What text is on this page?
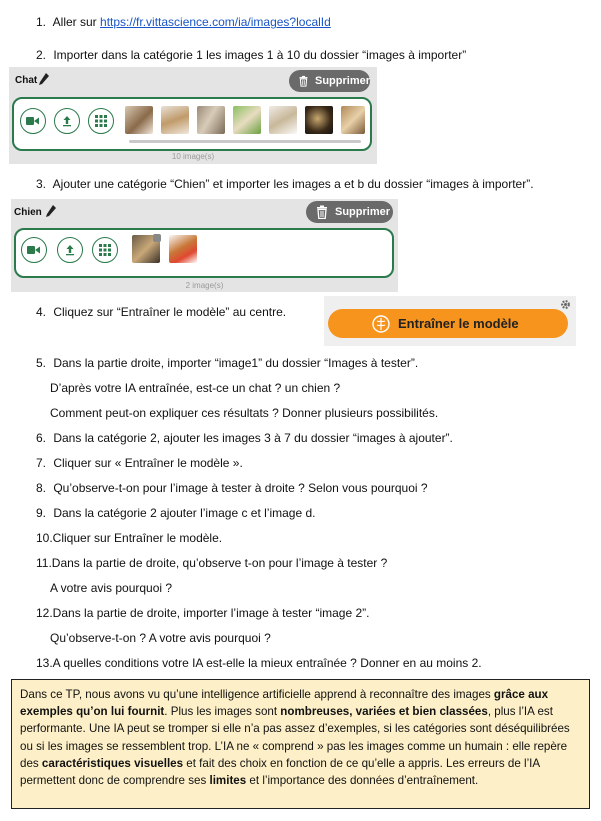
1. Aller sur https://fr.vittascience.com/ia/images?localId
2. Importer dans la catégorie 1 les images 1 à 10 du dossier “images à importer”
Chat	Supprimer
10 image(s)
3. Ajouter une catégorie “Chien” et importer les images a et b du dossier “images à importer”.
Chien	Supprimer
2 image(s)
4. Cliquez sur “Entraîner le modèle” au centre.
Entraîner le modèle
5. Dans la partie droite, importer “image1” du dossier “Images à tester”.
D’après votre IA entraînée, est-ce un chat ? un chien ?
Comment peut-on expliquer ces résultats ? Donner plusieurs possibilités.
6. Dans la catégorie 2, ajouter les images 3 à 7 du dossier “images à ajouter”.
7. Cliquer sur « Entraîner le modèle ».
8. Qu’observe-t-on pour l’image à tester à droite ? Selon vous pourquoi ?
9. Dans la catégorie 2 ajouter l’image c et l’image d.
10.Cliquer sur Entraîner le modèle.
11.Dans la partie de droite, qu’observe t-on pour l’image à tester ?
A votre avis pourquoi ?
12.Dans la partie de droite, importer l’image à tester “image 2”.
Qu’observe-t-on ? A votre avis pourquoi ?
13.A quelles conditions votre IA est-elle la mieux entraînée ? Donner en au moins 2.
Dans ce TP, nous avons vu qu’une intelligence artificielle apprend à reconnaître des images grâce aux exemples qu’on lui fournit. Plus les images sont nombreuses, variées et bien classées, plus l’IA est performante. Une IA peut se tromper si elle n’a pas assez d’exemples, si les catégories sont déséquilibrées ou si les images se ressemblent trop. L’IA ne « comprend » pas les images comme un humain : elle repère des caractéristiques visuelles et fait des choix en fonction de ce qu’elle a appris. Les erreurs de l’IA permettent donc de comprendre ses limites et l’importance des données d’entraînement.
